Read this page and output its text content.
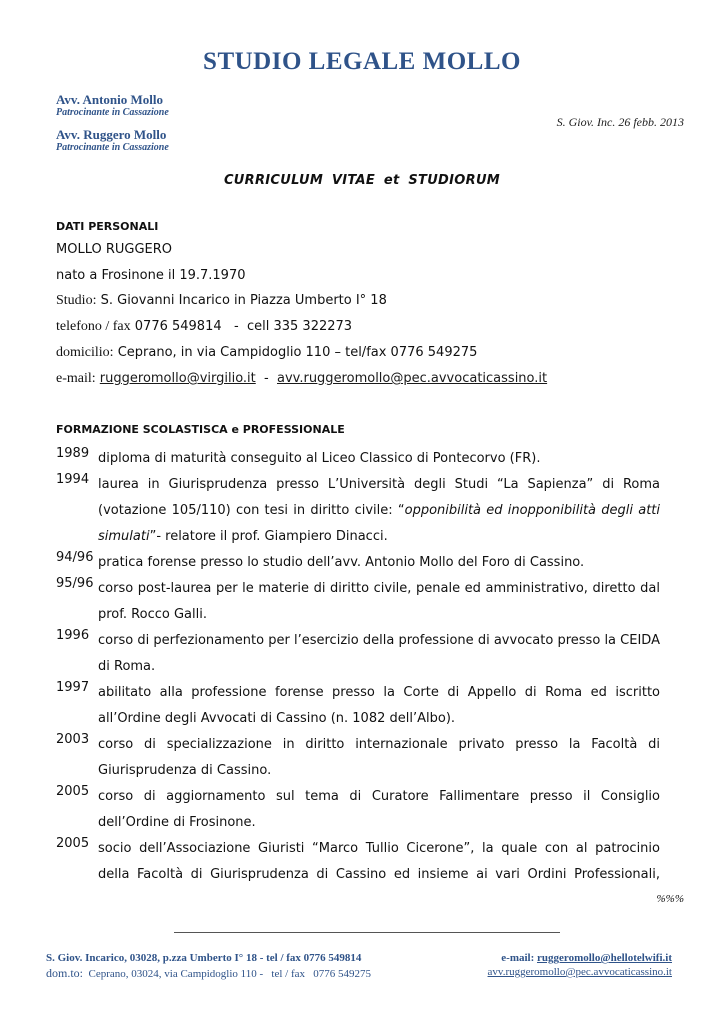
STUDIO LEGALE MOLLO
Avv. Antonio Mollo
Patrocinante in Cassazione
Avv. Ruggero Mollo
Patrocinante in Cassazione
S. Giov. Inc. 26 febb. 2013
CURRICULUM VITAE et STUDIORUM
DATI PERSONALI
MOLLO RUGGERO
nato a Frosinone il 19.7.1970
Studio: S. Giovanni Incarico in Piazza Umberto I° 18
telefono / fax 0776 549814   -  cell 335 322273
domicilio: Ceprano, in via Campidoglio 110 – tel/fax 0776 549275
e-mail: ruggeromollo@virgilio.it  -  avv.ruggeromollo@pec.avvocaticassino.it
FORMAZIONE SCOLASTISCA e PROFESSIONALE
1989 diploma di maturità conseguito al Liceo Classico di Pontecorvo (FR).
1994 laurea in Giurisprudenza presso L’Università degli Studi “La Sapienza” di Roma
(votazione 105/110) con tesi in diritto civile: “opponibilità ed inopponibilità degli atti
simulati”- relatore il prof. Giampiero Dinacci.
94/96 pratica forense presso lo studio dell’avv. Antonio Mollo del Foro di Cassino.
95/96 corso post-laurea per le materie di diritto civile, penale ed amministrativo, diretto dal
prof. Rocco Galli.
1996 corso di perfezionamento per l’esercizio della professione di avvocato presso la CEIDA
di Roma.
1997 abilitato alla professione forense presso la Corte di Appello di Roma ed iscritto
all’Ordine degli Avvocati di Cassino (n. 1082 dell’Albo).
2003 corso di specializzazione in diritto internazionale privato presso la Facoltà di
Giurisprudenza di Cassino.
2005 corso di aggiornamento sul tema di Curatore Fallimentare presso il Consiglio
dell’Ordine di Frosinone.
2005 socio dell’Associazione Giuristi “Marco Tullio Cicerone”, la quale con al patrocinio
della Facoltà di Giurisprudenza di Cassino ed insieme ai vari Ordini Professionali,
%%%
S. Giov. Incarico, 03028, p.zza Umberto I° 18 - tel / fax 0776 549814
dom.to:  Ceprano, 03024, via Campidoglio 110 -   tel / fax   0776 549275
e-mail: ruggeromollo@hellotelwifi.it
avv.ruggeromollo@pec.avvocaticassino.it
